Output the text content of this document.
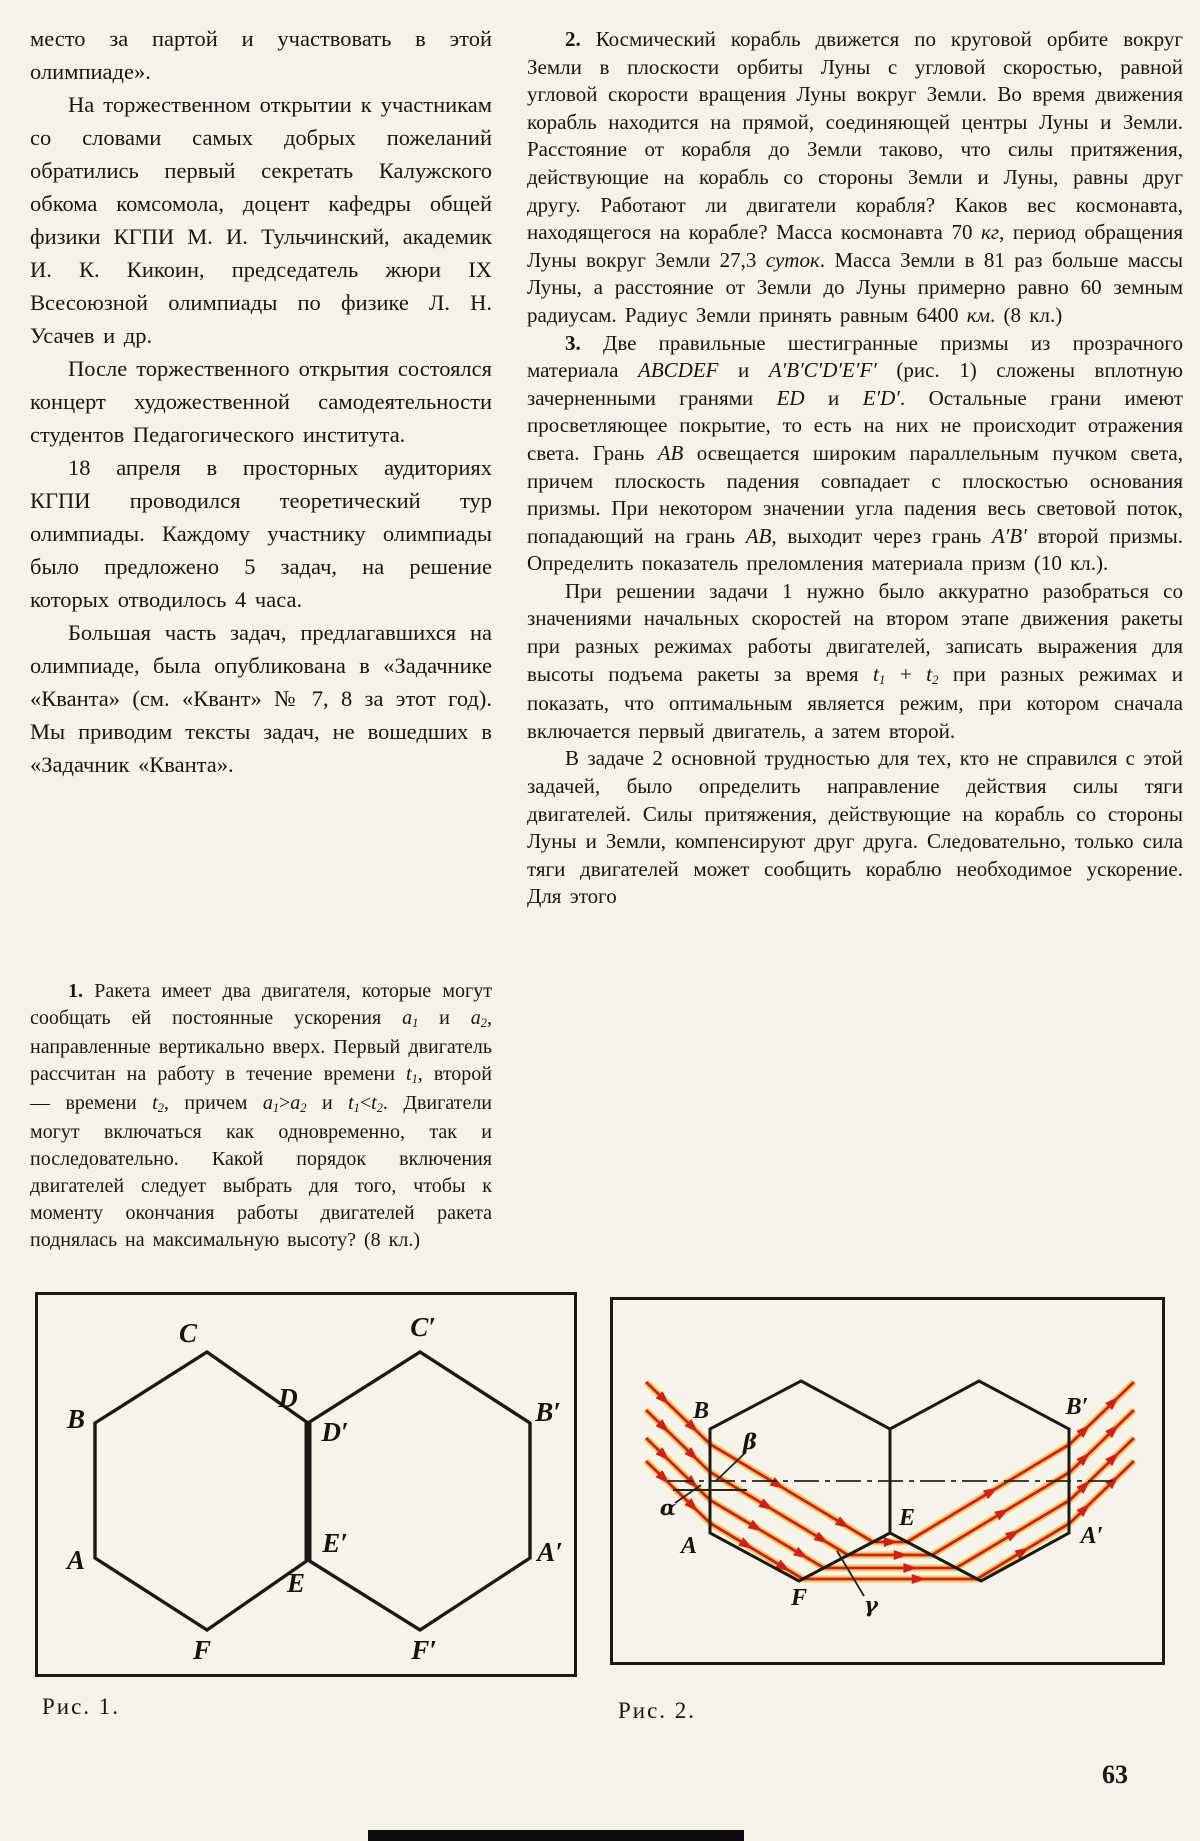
место за партой и участвовать в этой олимпиаде».

На торжественном открытии к участникам со словами самых добрых пожеланий обратились первый секретать Калужского обкома комсомола, доцент кафедры общей физики КГПИ М. И. Тульчинский, академик И. К. Кикоин, председатель жюри IX Всесоюзной олимпиады по физике Л. Н. Усачев и др.

После торжественного открытия состоялся концерт художественной самодеятельности студентов Педагогического института.

18 апреля в просторных аудиториях КГПИ проводился теоретический тур олимпиады. Каждому участнику олимпиады было предложено 5 задач, на решение которых отводилось 4 часа.

Большая часть задач, предлагавшихся на олимпиаде, была опубликована в «Задачнике «Кванта» (см. «Квант» № 7, 8 за этот год). Мы приводим тексты задач, не вошедших в «Задачник «Кванта».

1. Ракета имеет два двигателя, которые могут сообщать ей постоянные ускорения a1 и a2, направленные вертикально вверх. Первый двигатель рассчитан на работу в течение времени t1, второй — времени t2, причем a1>a2 и t1<t2. Двигатели могут включаться как одновременно, так и последовательно. Какой порядок включения двигателей следует выбрать для того, чтобы к моменту окончания работы двигателей ракета поднялась на максимальную высоту? (8 кл.)

2. Космический корабль движется по круговой орбите вокруг Земли в плоскости орбиты Луны с угловой скоростью, равной угловой скорости вращения Луны вокруг Земли. Во время движения корабль находится на прямой, соединяющей центры Луны и Земли. Расстояние от корабля до Земли таково, что силы притяжения, действующие на корабль со стороны Земли и Луны, равны друг другу. Работают ли двигатели корабля? Каков вес космонавта, находящегося на корабле? Масса космонавта 70 кг, период обращения Луны вокруг Земли 27,3 суток. Масса Земли в 81 раз больше массы Луны, а расстояние от Земли до Луны примерно равно 60 земным радиусам. Радиус Земли принять равным 6400 км. (8 кл.)

3. Две правильные шестигранные призмы из прозрачного материала ABCDEF и A′B′C′D′E′F′ (рис. 1) сложены вплотную зачерненными гранями ED и E′D′. Остальные грани имеют просветляющее покрытие, то есть на них не происходит отражения света. Грань AB освещается широким параллельным пучком света, причем плоскость падения совпадает с плоскостью основания призмы. При некотором значении угла падения весь световой поток, попадающий на грань AB, выходит через грань A′B′ второй призмы. Определить показатель преломления материала призм (10 кл.).

При решении задачи 1 нужно было аккуратно разобраться со значениями начальных скоростей на втором этапе движения ракеты при разных режимах работы двигателей, записать выражения для высоты подъема ракеты за время t1 + t2 при разных режимах и показать, что оптимальным является режим, при котором сначала включается первый двигатель, а затем второй.

В задаче 2 основной трудностью для тех, кто не справился с этой задачей, было определить направление действия силы тяги двигателей. Силы притяжения, действующие на корабль со стороны Луны и Земли, компенсируют друг друга. Следовательно, только сила тяги двигателей может сообщить кораблю необходимое ускорение. Для этого

C	C′
B
D
D′
B′
A
E′
E
F	F′
A′
Рис. 1.
B	B′
A	A′
E
F
β
α
γ
Рис. 2.
63
